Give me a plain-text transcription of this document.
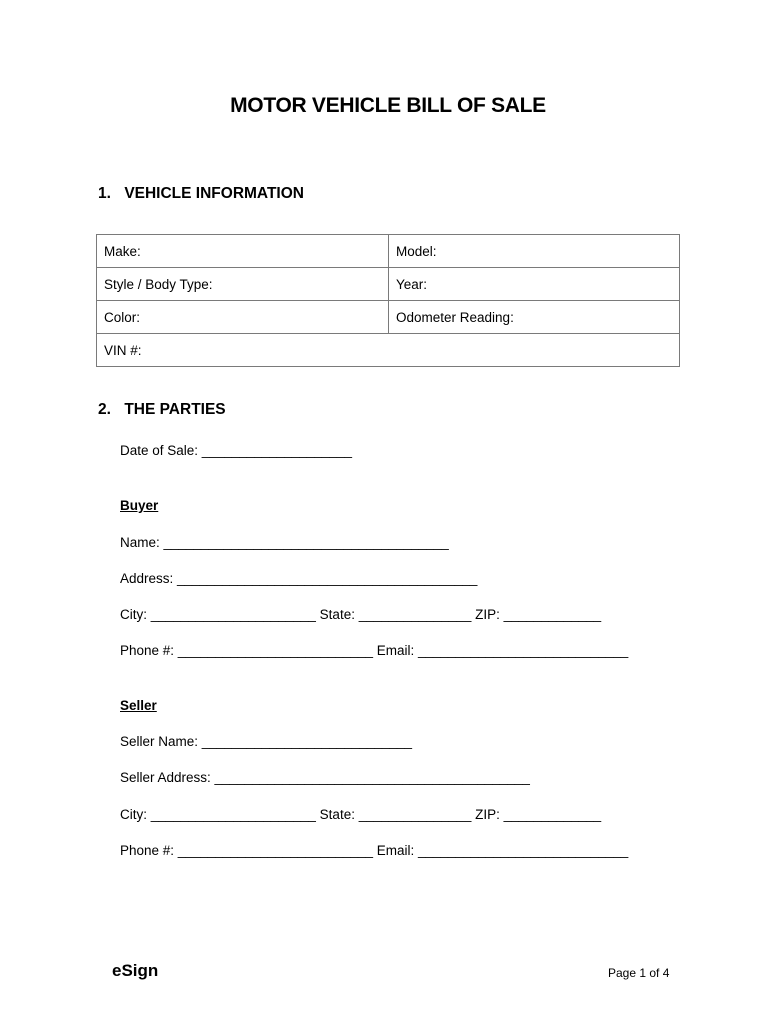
MOTOR VEHICLE BILL OF SALE
1. VEHICLE INFORMATION
Make:	Model:
Style / Body Type:	Year:
Color:	Odometer Reading:
VIN #:	
2. THE PARTIES
Date of Sale: ____________________
Buyer
Name: ______________________________________
Address: ________________________________________
City: ______________________ State: _______________ ZIP: _____________
Phone #: __________________________ Email: ____________________________
Seller
Seller Name: ____________________________
Seller Address: __________________________________________
City: ______________________ State: _______________ ZIP: _____________
Phone #: __________________________ Email: ____________________________
eSign	Page 1 of 4
